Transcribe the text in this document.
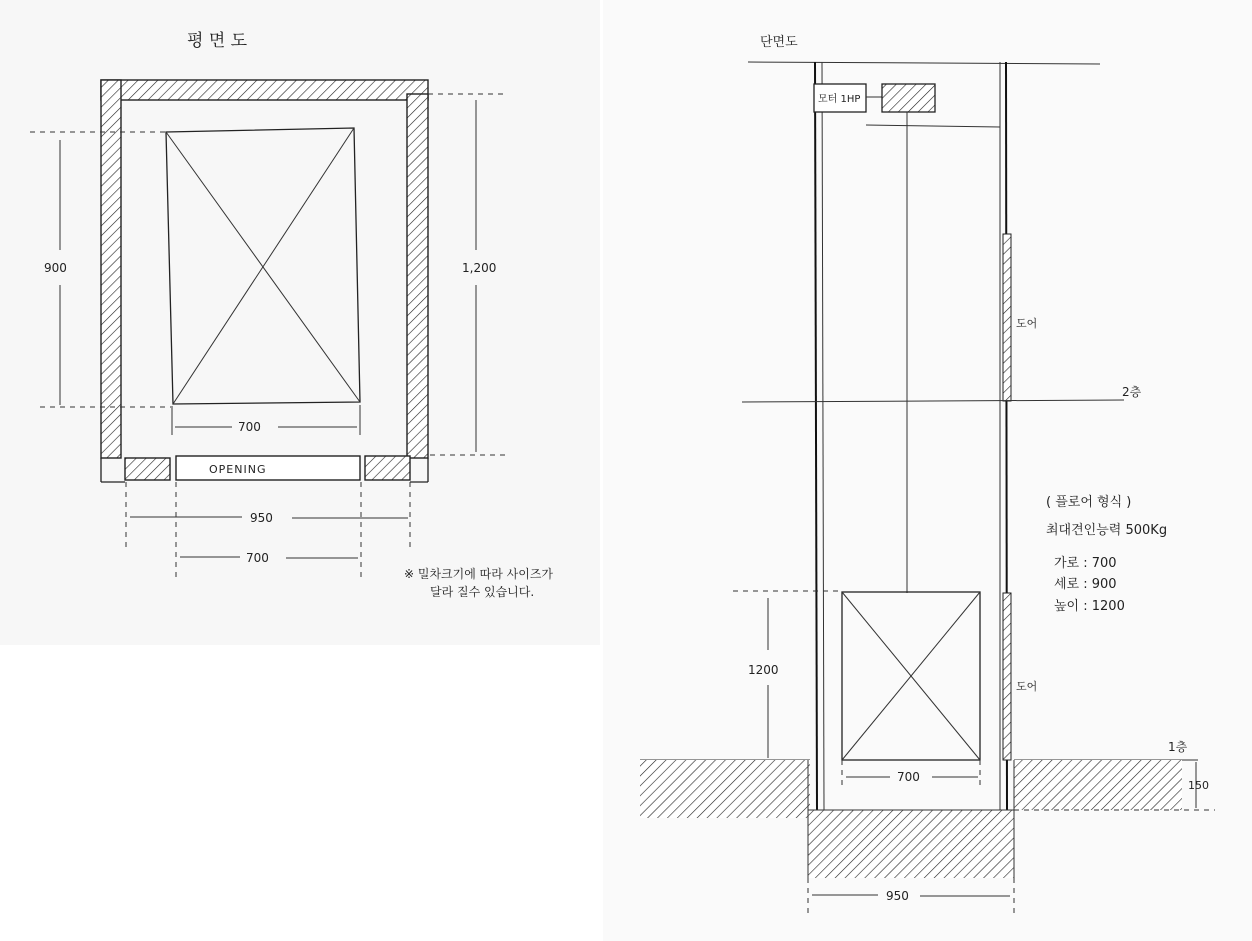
평 면 도
OPENING
900	1,200
700
950
700
※ 밀차크기에 따라 사이즈가
달라 질수 있습니다.
단면도
모터 1HP
도어
2층
( 플로어 형식 )
최대견인능력 500Kg
가로 : 700
세로 : 900
높이 : 1200
도어
1200
1층
700
150
950
